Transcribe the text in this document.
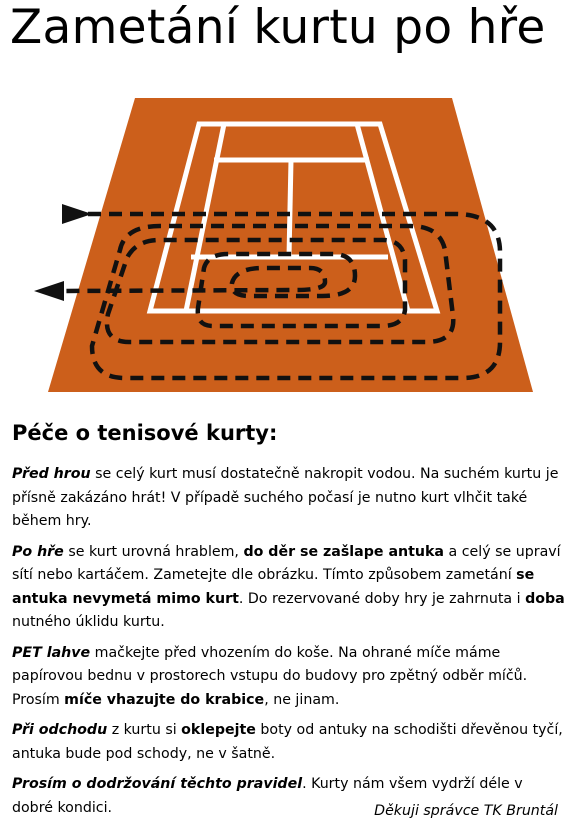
Zametání kurtu po hře
Péče o tenisové kurty:

Před hrou se celý kurt musí dostatečně nakropit vodou. Na suchém kurtu je přísně zakázáno hrát! V případě suchého počasí je nutno kurt vlhčit také během hry.

Po hře se kurt urovná hrablem, do děr se zašlape antuka a celý se upraví sítí nebo kartáčem. Zametejte dle obrázku. Tímto způsobem zametání se antuka nevymetá mimo kurt. Do rezervované doby hry je zahrnuta i doba nutného úklidu kurtu.

PET lahve mačkejte před vhozením do koše. Na ohrané míče máme papírovou bednu v prostorech vstupu do budovy pro zpětný odběr míčů. Prosím míče vhazujte do krabice, ne jinam.

Při odchodu z kurtu si oklepejte boty od antuky na schodišti dřevěnou tyčí, antuka bude pod schody, ne v šatně.

Prosím o dodržování těchto pravidel. Kurty nám všem vydrží déle v dobré kondici.	Děkuji správce TK Bruntál
